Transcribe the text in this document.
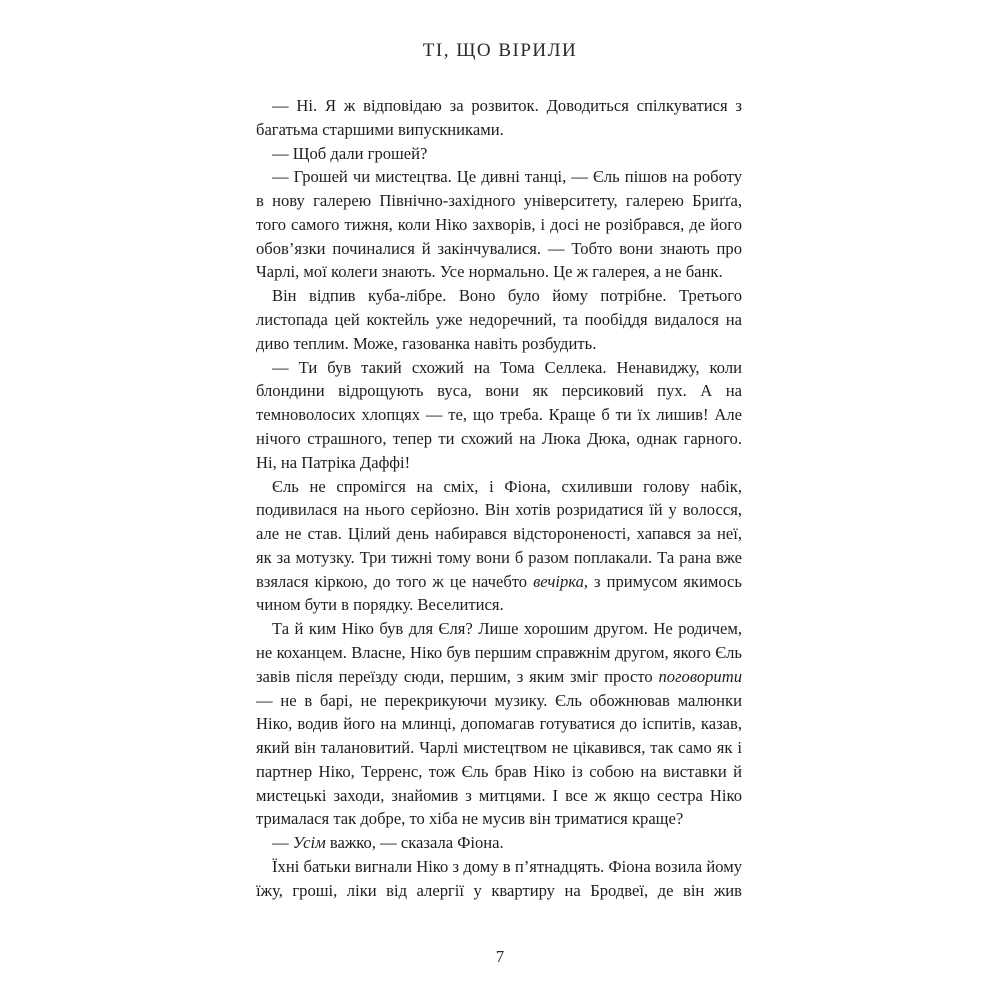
ТІ, ЩО ВІРИЛИ

— Ні. Я ж відповідаю за розвиток. Доводиться спілкуватися з багатьма старшими випускниками.

— Щоб дали грошей?

— Грошей чи мистецтва. Це дивні танці, — Єль пішов на роботу в нову галерею Північно-західного університету, галерею Бриґґа, того самого тижня, коли Ніко захворів, і досі не розібрався, де його обов’язки починалися й закінчувалися. — Тобто вони знають про Чарлі, мої колеги знають. Усе нормально. Це ж галерея, а не банк.

Він відпив куба-лібре. Воно було йому потрібне. Третього листопада цей коктейль уже недоречний, та пообіддя видалося на диво теплим. Може, газованка навіть розбудить.

— Ти був такий схожий на Тома Селлека. Ненавиджу, коли блондини відрощують вуса, вони як персиковий пух. А на темноволосих хлопцях — те, що треба. Краще б ти їх лишив! Але нічого страшного, тепер ти схожий на Люка Дюка, однак гарного. Ні, на Патріка Даффі!

Єль не спромігся на сміх, і Фіона, схиливши голову набік, подивилася на нього серйозно. Він хотів розридатися їй у волосся, але не став. Цілий день набирався відстороненості, хапався за неї, як за мотузку. Три тижні тому вони б разом поплакали. Та рана вже взялася кіркою, до того ж це начебто вечірка, з примусом якимось чином бути в порядку. Веселитися.

Та й ким Ніко був для Єля? Лише хорошим другом. Не родичем, не коханцем. Власне, Ніко був першим справжнім другом, якого Єль завів після переїзду сюди, першим, з яким зміг просто поговорити — не в барі, не перекрикуючи музику. Єль обожнював малюнки Ніко, водив його на млинці, допомагав готуватися до іспитів, казав, який він талановитий. Чарлі мистецтвом не цікавився, так само як і партнер Ніко, Терренс, тож Єль брав Ніко із собою на виставки й мистецькі заходи, знайомив з митцями. І все ж якщо сестра Ніко трималася так добре, то хіба не мусив він триматися краще?

— Усім важко, — сказала Фіона.

Їхні батьки вигнали Ніко з дому в п’ятнадцять. Фіона возила йому їжу, гроші, ліки від алергії у квартиру на Бродвеї, де він жив

7
